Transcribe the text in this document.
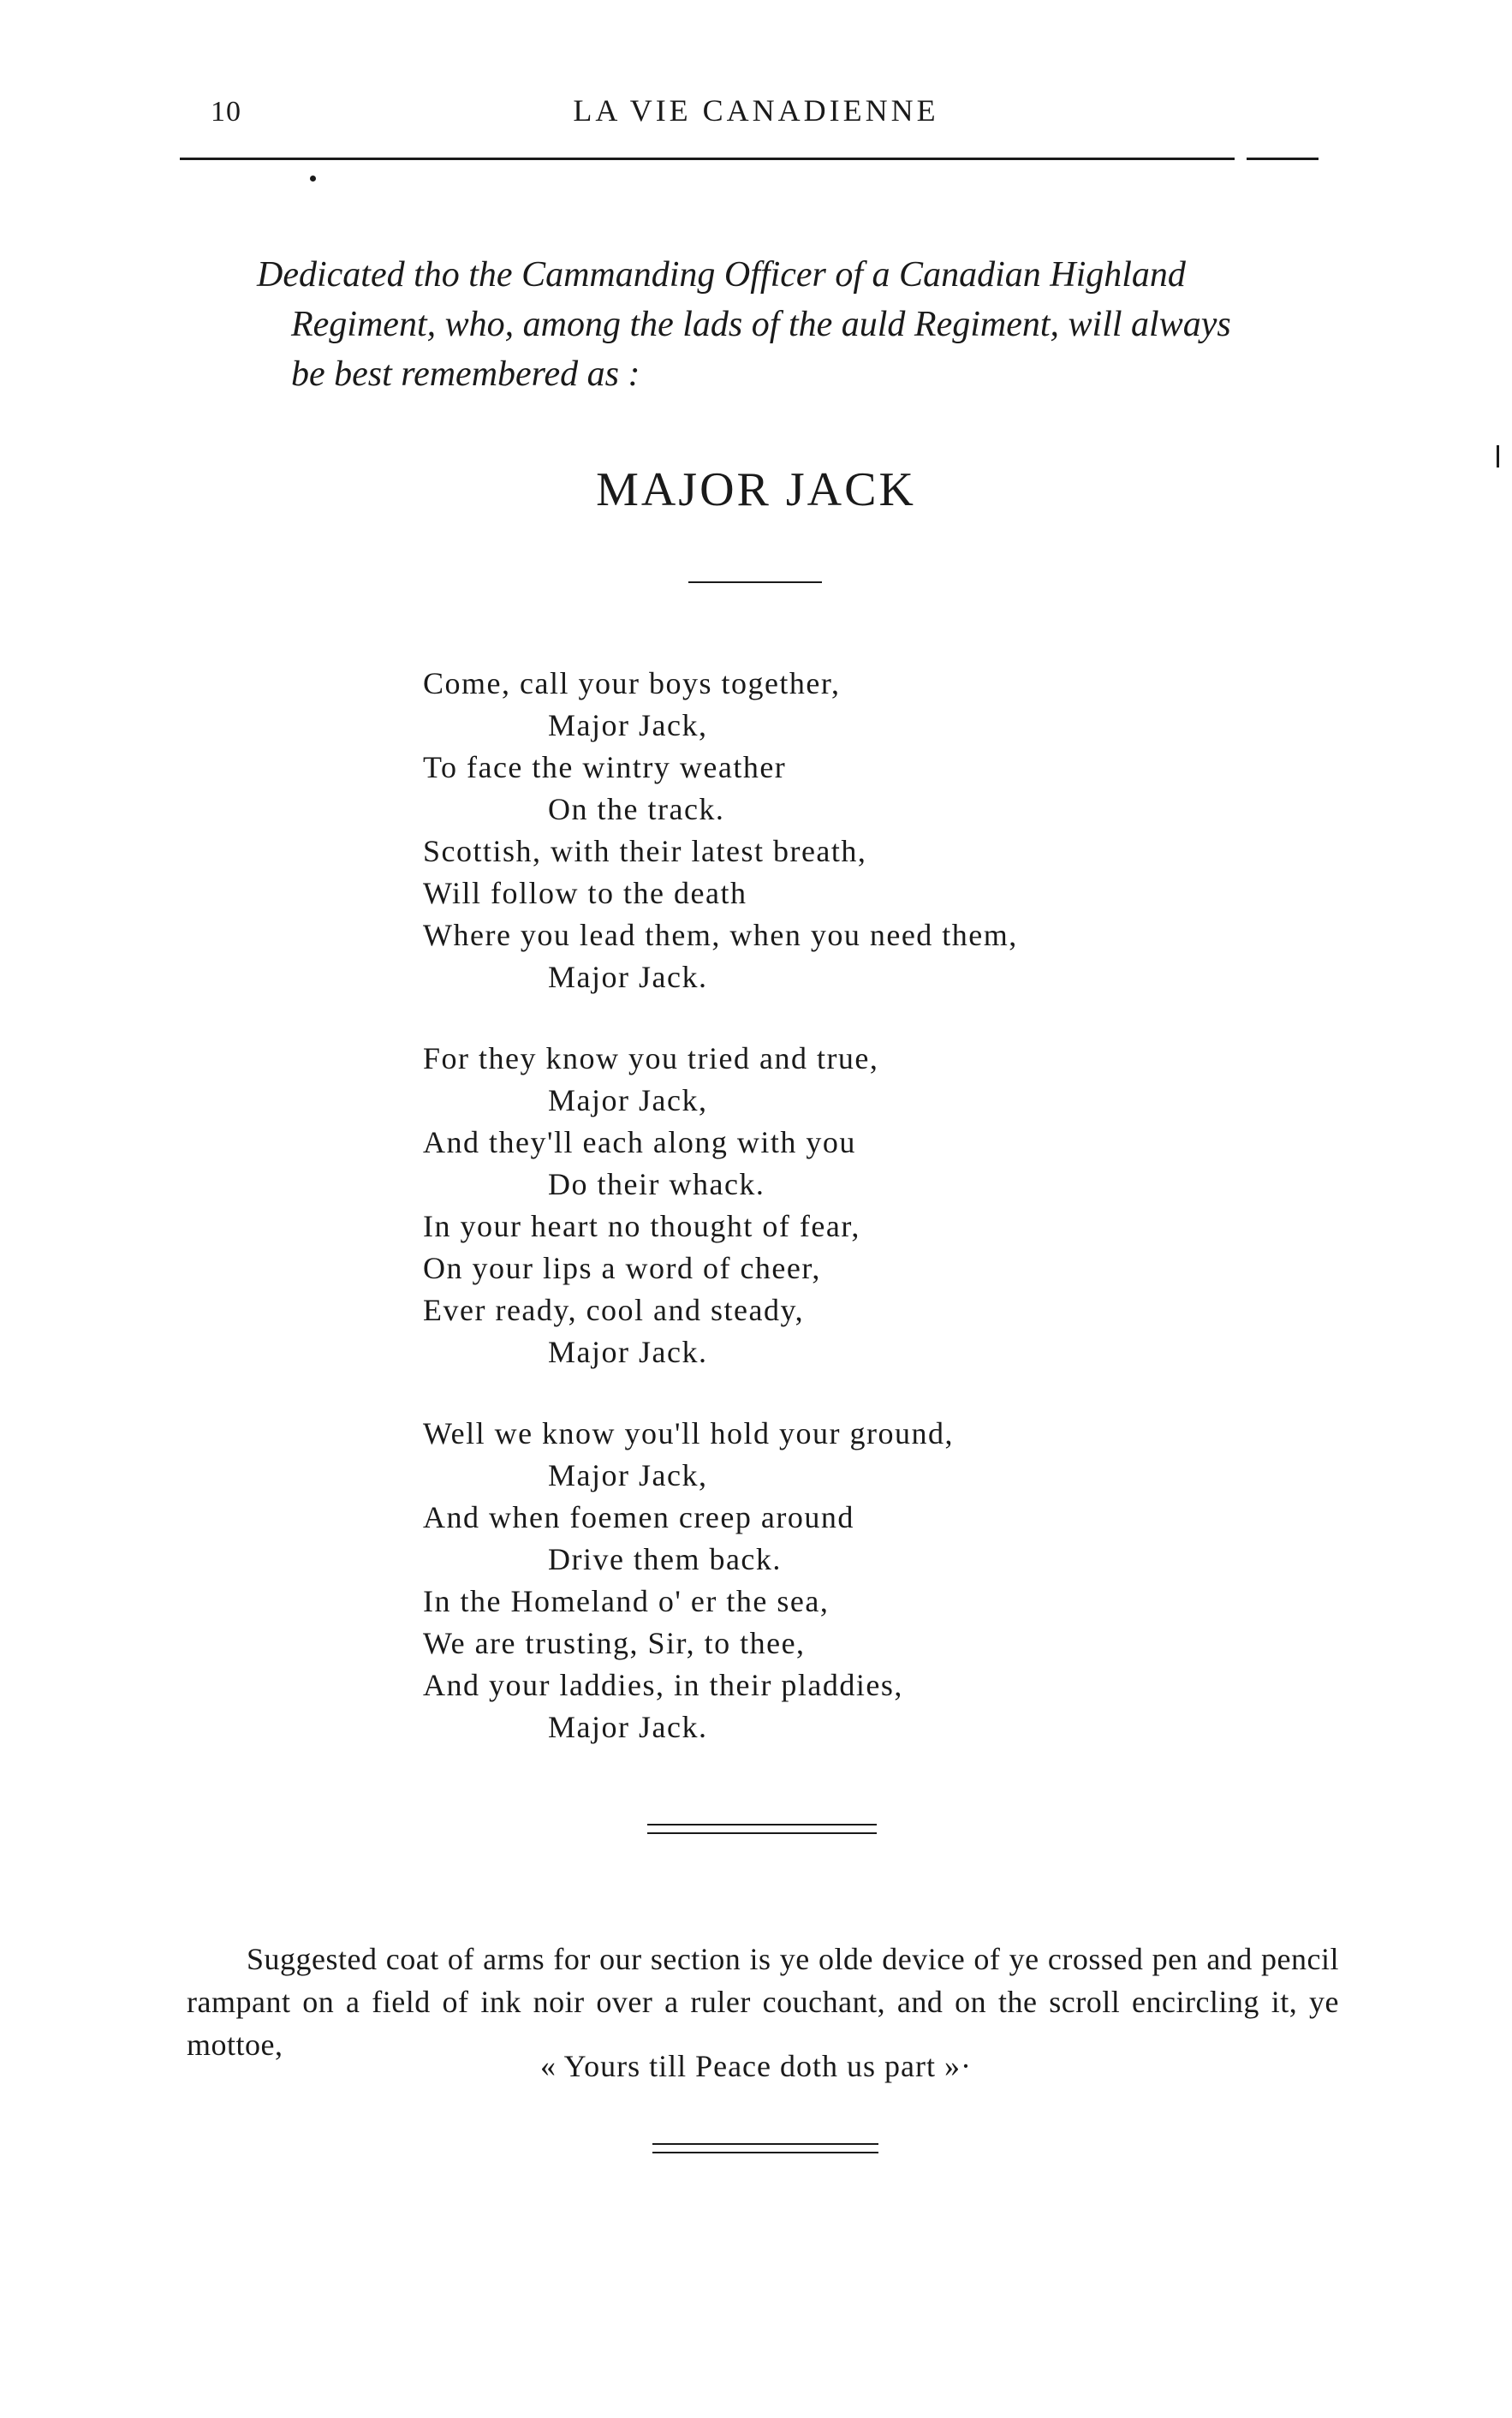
10	LA VIE CANADIENNE
Dedicated tho the Cammanding Officer of a Canadian Highland
Regiment, who, among the lads of the auld Regiment, will always
be best remembered as :
MAJOR JACK
Come, call your boys together,
Major Jack,
To face the wintry weather
On the track.
Scottish, with their latest breath,
Will follow to the death
Where you lead them, when you need them,
Major Jack.
For they know you tried and true,
Major Jack,
And they'll each along with you
Do their whack.
In your heart no thought of fear,
On your lips a word of cheer,
Ever ready, cool and steady,
Major Jack.
Well we know you'll hold your ground,
Major Jack,
And when foemen creep around
Drive them back.
In the Homeland o' er the sea,
We are trusting, Sir, to thee,
And your laddies, in their pladdies,
Major Jack.

Suggested coat of arms for our section is ye olde device of ye crossed pen and pencil rampant on a field of ink noir over a ruler couchant, and on the scroll encircling it, ye mottoe,

« Yours till Peace doth us part »·
